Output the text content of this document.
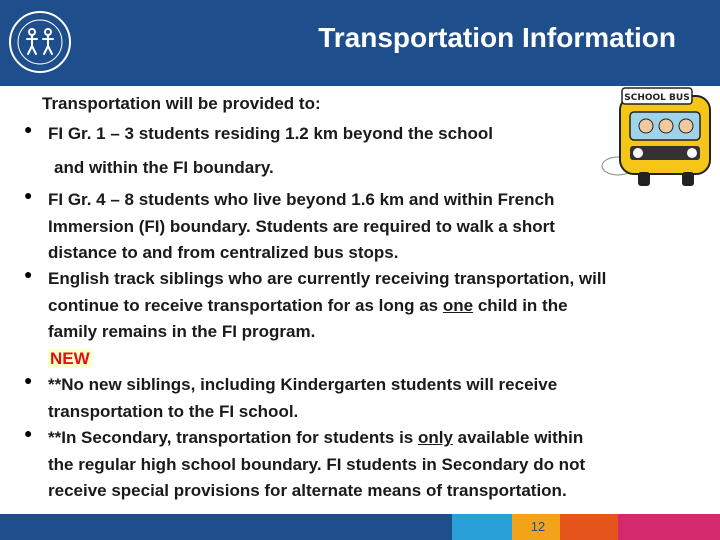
Transportation Information
Transportation will be provided to:	SCHOOL BUS
● FI Gr. 1 – 3 students residing 1.2 km beyond the school
and within the FI boundary.
● FI Gr. 4 – 8 students who live beyond 1.6 km and within French
Immersion (FI) boundary. Students are required to walk a short
distance to and from centralized bus stops.
● English track siblings who are currently receiving transportation, will
continue to receive transportation for as long as one child in the
family remains in the FI program.
NEW
● **No new siblings, including Kindergarten students will receive
transportation to the FI school.
● **In Secondary, transportation for students is only available within
the regular high school boundary. FI students in Secondary do not
receive special provisions for alternate means of transportation.
12
